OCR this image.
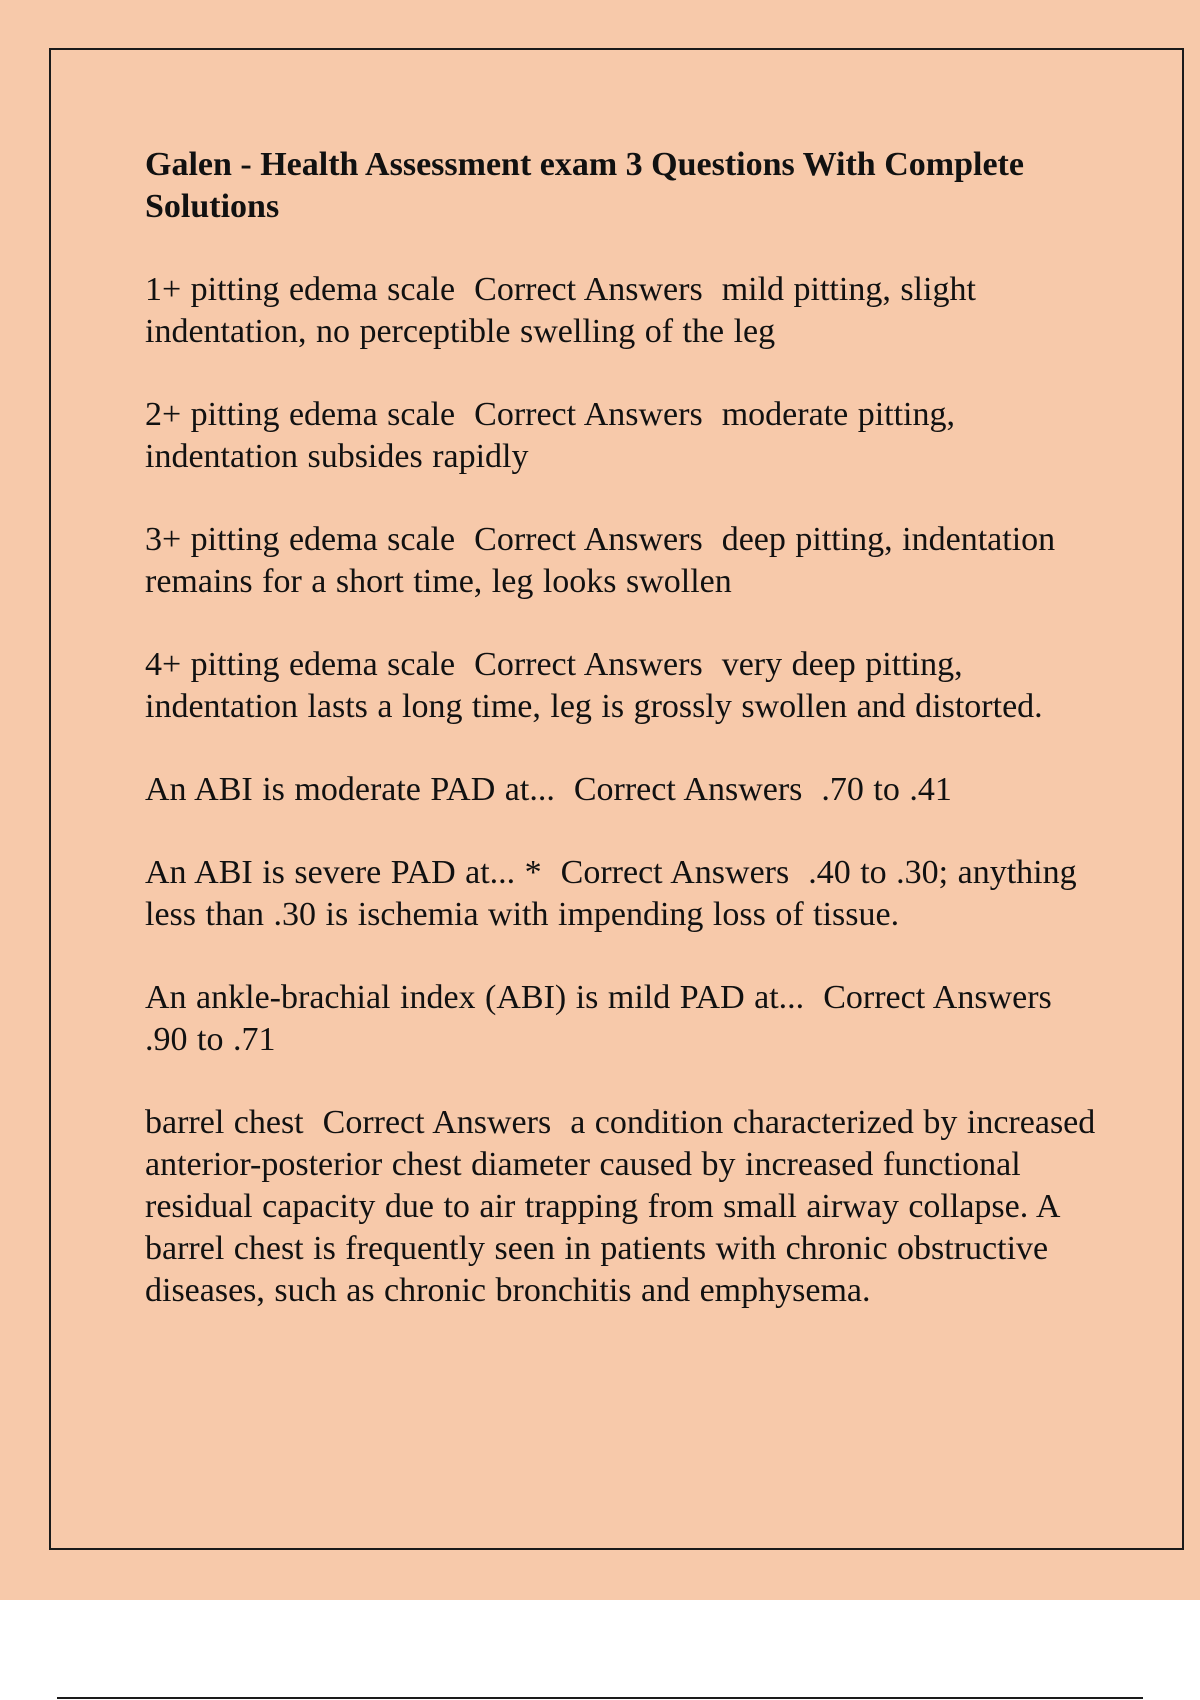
Galen - Health Assessment exam 3 Questions With Complete Solutions
1+ pitting edema scale  Correct Answers  mild pitting, slight indentation, no perceptible swelling of the leg
2+ pitting edema scale  Correct Answers  moderate pitting, indentation subsides rapidly
3+ pitting edema scale  Correct Answers  deep pitting, indentation remains for a short time, leg looks swollen
4+ pitting edema scale  Correct Answers  very deep pitting, indentation lasts a long time, leg is grossly swollen and distorted.
An ABI is moderate PAD at...  Correct Answers  .70 to .41
An ABI is severe PAD at... *  Correct Answers  .40 to .30; anything less than .30 is ischemia with impending loss of tissue.
An ankle-brachial index (ABI) is mild PAD at...  Correct Answers  .90 to .71
barrel chest  Correct Answers  a condition characterized by increased anterior-posterior chest diameter caused by increased functional residual capacity due to air trapping from small airway collapse. A barrel chest is frequently seen in patients with chronic obstructive diseases, such as chronic bronchitis and emphysema.
